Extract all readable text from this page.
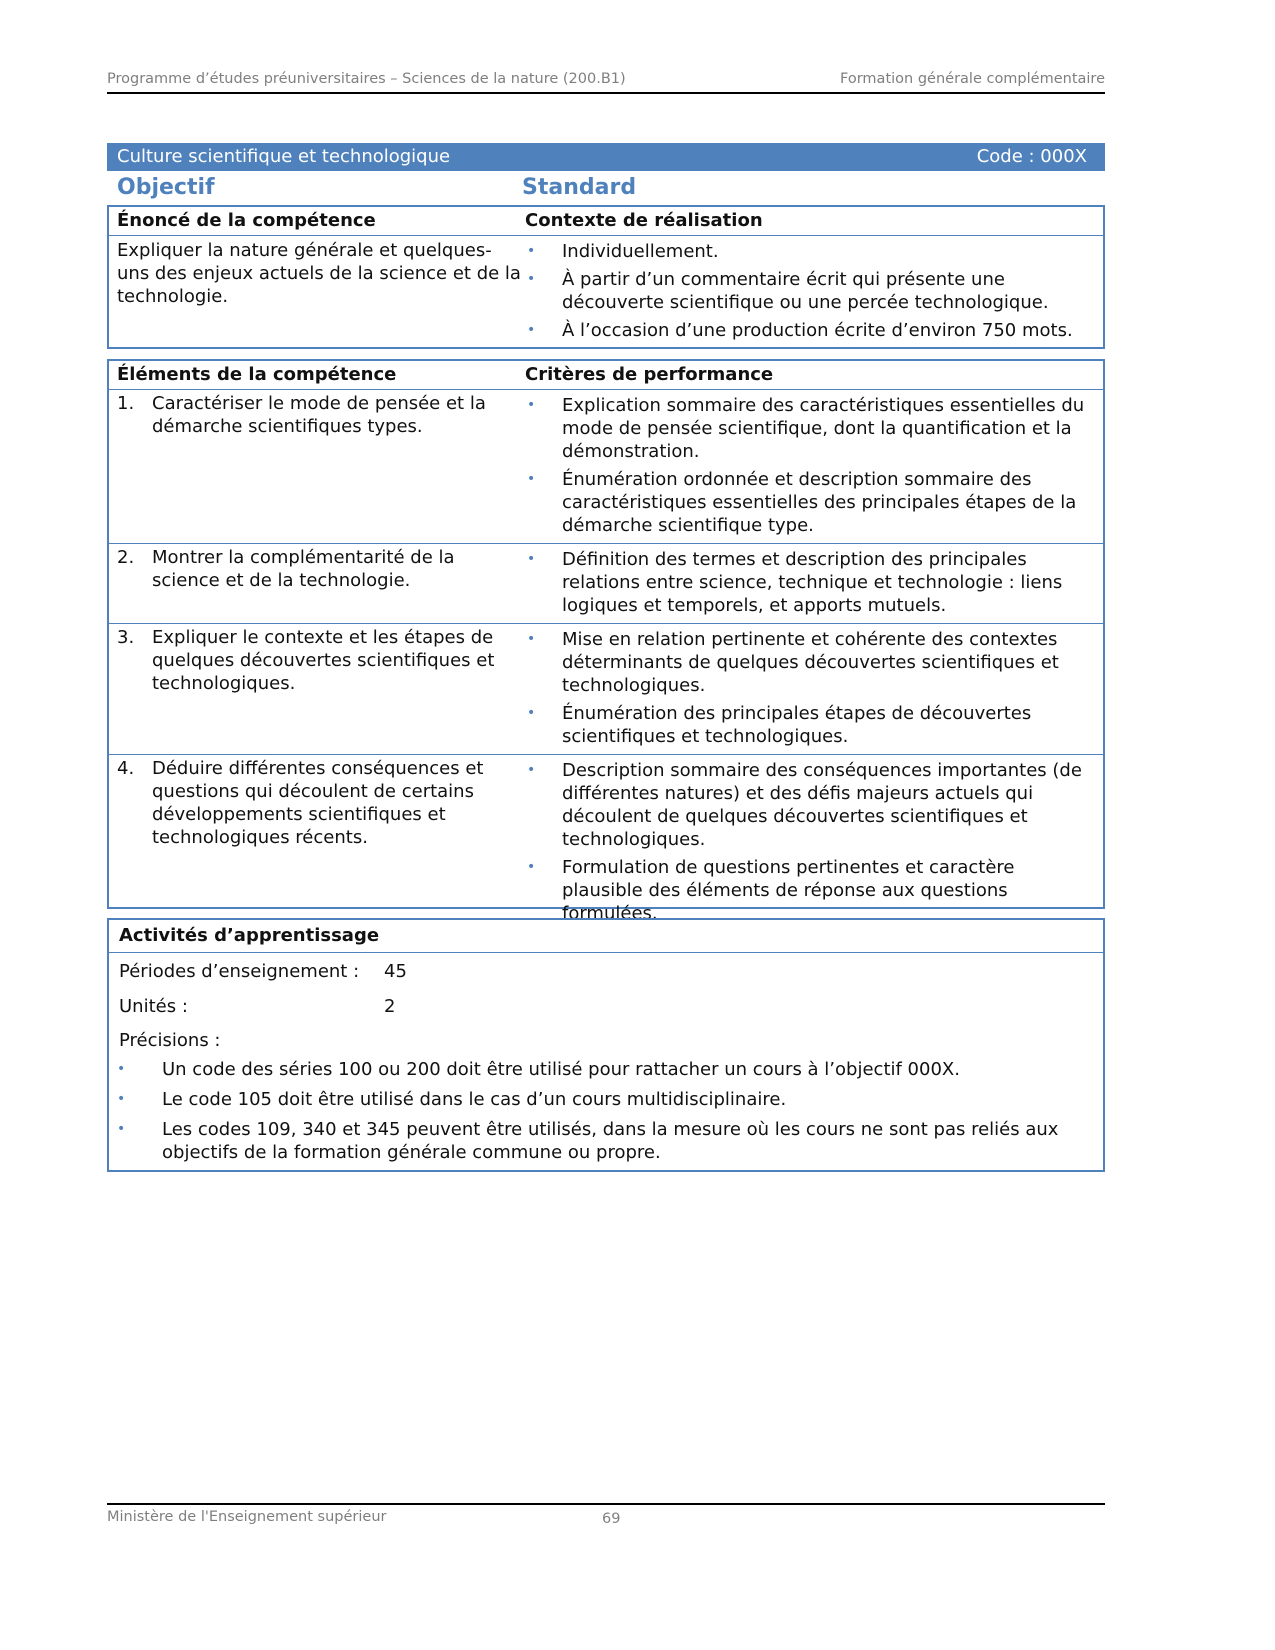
Programme d’études préuniversitaires – Sciences de la nature (200.B1)	Formation générale complémentaire
Culture scientifique et technologique	Code : 000X
Objectif	Standard
Énoncé de la compétence	Contexte de réalisation
Expliquer la nature générale et quelques-uns des enjeux actuels de la science et de la technologie.
•	Individuellement.
•	À partir d’un commentaire écrit qui présente une découverte scientifique ou une percée technologique.
•	À l’occasion d’une production écrite d’environ 750 mots.
Éléments de la compétence	Critères de performance
1. Caractériser le mode de pensée et la démarche scientifiques types.
•	Explication sommaire des caractéristiques essentielles du mode de pensée scientifique, dont la quantification et la démonstration.
•	Énumération ordonnée et description sommaire des caractéristiques essentielles des principales étapes de la démarche scientifique type.
2. Montrer la complémentarité de la science et de la technologie.
•	Définition des termes et description des principales relations entre science, technique et technologie : liens logiques et temporels, et apports mutuels.
3. Expliquer le contexte et les étapes de quelques découvertes scientifiques et technologiques.
•	Mise en relation pertinente et cohérente des contextes déterminants de quelques découvertes scientifiques et technologiques.
•	Énumération des principales étapes de découvertes scientifiques et technologiques.
4. Déduire différentes conséquences et questions qui découlent de certains développements scientifiques et technologiques récents.
•	Description sommaire des conséquences importantes (de différentes natures) et des défis majeurs actuels qui découlent de quelques découvertes scientifiques et technologiques.
•	Formulation de questions pertinentes et caractère plausible des éléments de réponse aux questions formulées.
Activités d’apprentissage
Périodes d’enseignement :	45
Unités :	2
Précisions :
•	Un code des séries 100 ou 200 doit être utilisé pour rattacher un cours à l’objectif 000X.
•	Le code 105 doit être utilisé dans le cas d’un cours multidisciplinaire.
•	Les codes 109, 340 et 345 peuvent être utilisés, dans la mesure où les cours ne sont pas reliés aux objectifs de la formation générale commune ou propre.
Ministère de l'Enseignement supérieur	69
